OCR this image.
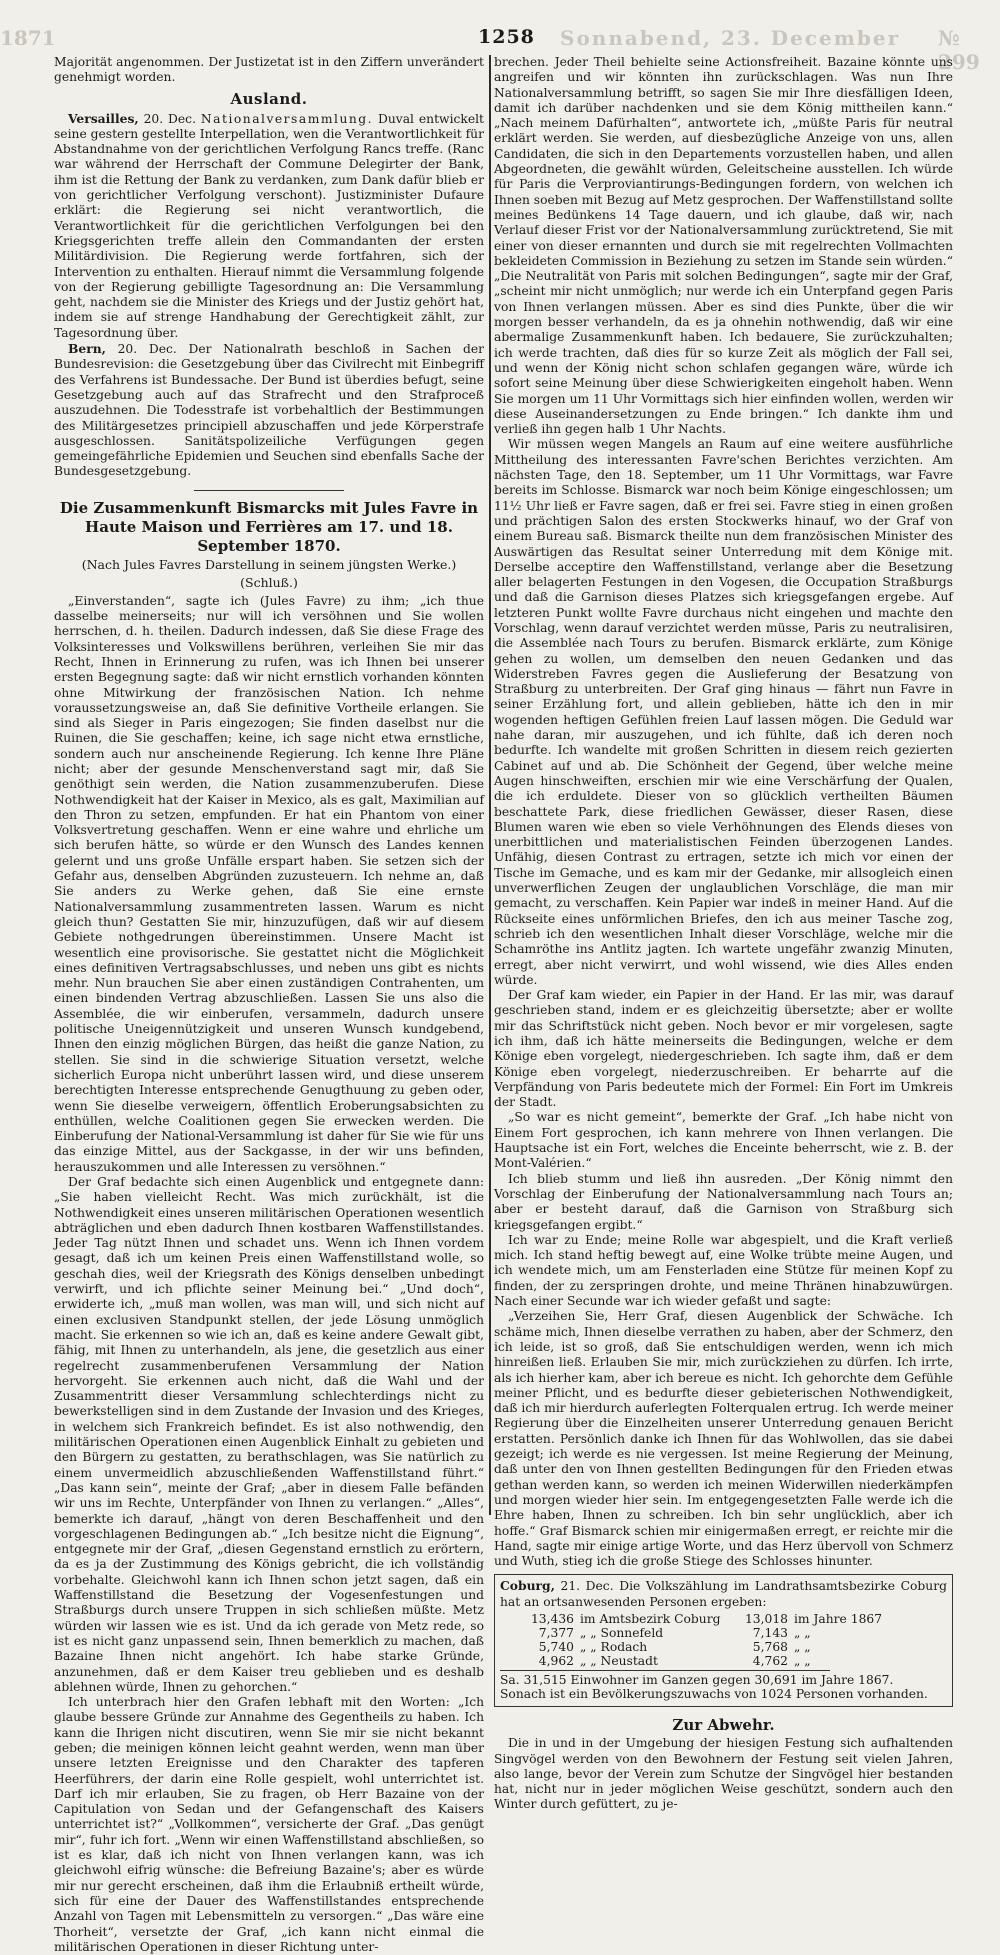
1871	1258 Sonnabend, 23. December № 299

Majorität angenommen. Der Justizetat ist in den Ziffern unverändert genehmigt worden.

Ausland.

Versailles, 20. Dec. Nationalversammlung. Duval entwickelt seine gestern gestellte Interpellation, wen die Verantwortlichkeit für Abstandnahme von der gerichtlichen Verfolgung Rancs treffe. (Ranc war während der Herrschaft der Commune Delegirter der Bank, ihm ist die Rettung der Bank zu verdanken, zum Dank dafür blieb er von gerichtlicher Verfolgung verschont). Justizminister Dufaure erklärt: die Regierung sei nicht verantwortlich, die Verantwortlichkeit für die gerichtlichen Verfolgungen bei den Kriegsgerichten treffe allein den Commandanten der ersten Militärdivision. Die Regierung werde fortfahren, sich der Intervention zu enthalten. Hierauf nimmt die Versammlung folgende von der Regierung gebilligte Tagesordnung an: Die Versammlung geht, nachdem sie die Minister des Kriegs und der Justiz gehört hat, indem sie auf strenge Handhabung der Gerechtigkeit zählt, zur Tagesordnung über.

Bern, 20. Dec. Der Nationalrath beschloß in Sachen der Bundesrevision: die Gesetzgebung über das Civilrecht mit Einbegriff des Verfahrens ist Bundessache. Der Bund ist überdies befugt, seine Gesetzgebung auch auf das Strafrecht und den Strafproceß auszudehnen. Die Todesstrafe ist vorbehaltlich der Bestimmungen des Militärgesetzes principiell abzuschaffen und jede Körperstrafe ausgeschlossen. Sanitätspolizeiliche Verfügungen gegen gemeingefährliche Epidemien und Seuchen sind ebenfalls Sache der Bundesgesetzgebung.

Die Zusammenkunft Bismarcks mit Jules Favre in Haute Maison und Ferrières am 17. und 18. September 1870.
(Nach Jules Favres Darstellung in seinem jüngsten Werke.)
(Schluß.)

„Einverstanden“, sagte ich (Jules Favre) zu ihm; „ich thue dasselbe meinerseits; nur will ich versöhnen und Sie wollen herrschen, d. h. theilen. Dadurch indessen, daß Sie diese Frage des Volksinteresses und Volkswillens berühren, verleihen Sie mir das Recht, Ihnen in Erinnerung zu rufen, was ich Ihnen bei unserer ersten Begegnung sagte: daß wir nicht ernstlich vorhanden könnten ohne Mitwirkung der französischen Nation. Ich nehme voraussetzungsweise an, daß Sie definitive Vortheile erlangen. Sie sind als Sieger in Paris eingezogen; Sie finden daselbst nur die Ruinen, die Sie geschaffen; keine, ich sage nicht etwa ernstliche, sondern auch nur anscheinende Regierung. Ich kenne Ihre Pläne nicht; aber der gesunde Menschenverstand sagt mir, daß Sie genöthigt sein werden, die Nation zusammenzuberufen. Diese Nothwendigkeit hat der Kaiser in Mexico, als es galt, Maximilian auf den Thron zu setzen, empfunden. Er hat ein Phantom von einer Volksvertretung geschaffen. Wenn er eine wahre und ehrliche um sich berufen hätte, so würde er den Wunsch des Landes kennen gelernt und uns große Unfälle erspart haben. Sie setzen sich der Gefahr aus, denselben Abgründen zuzusteuern. Ich nehme an, daß Sie anders zu Werke gehen, daß Sie eine ernste Nationalversammlung zusammentreten lassen. Warum es nicht gleich thun? Gestatten Sie mir, hinzuzufügen, daß wir auf diesem Gebiete nothgedrungen übereinstimmen. Unsere Macht ist wesentlich eine provisorische. Sie gestattet nicht die Möglichkeit eines definitiven Vertragsabschlusses, und neben uns gibt es nichts mehr. Nun brauchen Sie aber einen zuständigen Contrahenten, um einen bindenden Vertrag abzuschließen. Lassen Sie uns also die Assemblée, die wir einberufen, versammeln, dadurch unsere politische Uneigennützigkeit und unseren Wunsch kundgebend, Ihnen den einzig möglichen Bürgen, das heißt die ganze Nation, zu stellen. Sie sind in die schwierige Situation versetzt, welche sicherlich Europa nicht unberührt lassen wird, und diese unserem berechtigten Interesse entsprechende Genugthuung zu geben oder, wenn Sie dieselbe verweigern, öffentlich Eroberungsabsichten zu enthüllen, welche Coalitionen gegen Sie erwecken werden. Die Einberufung der National-Versammlung ist daher für Sie wie für uns das einzige Mittel, aus der Sackgasse, in der wir uns befinden, herauszukommen und alle Interessen zu versöhnen.“

Der Graf bedachte sich einen Augenblick und entgegnete dann: „Sie haben vielleicht Recht. Was mich zurückhält, ist die Nothwendigkeit eines unseren militärischen Operationen wesentlich abträglichen und eben dadurch Ihnen kostbaren Waffenstillstandes. Jeder Tag nützt Ihnen und schadet uns. Wenn ich Ihnen vordem gesagt, daß ich um keinen Preis einen Waffenstillstand wolle, so geschah dies, weil der Kriegsrath des Königs denselben unbedingt verwirft, und ich pflichte seiner Meinung bei.“ „Und doch“, erwiderte ich, „muß man wollen, was man will, und sich nicht auf einen exclusiven Standpunkt stellen, der jede Lösung unmöglich macht. Sie erkennen so wie ich an, daß es keine andere Gewalt gibt, fähig, mit Ihnen zu unterhandeln, als jene, die gesetzlich aus einer regelrecht zusammenberufenen Versammlung der Nation hervorgeht. Sie erkennen auch nicht, daß die Wahl und der Zusammentritt dieser Versammlung schlechterdings nicht zu bewerkstelligen sind in dem Zustande der Invasion und des Krieges, in welchem sich Frankreich befindet. Es ist also nothwendig, den militärischen Operationen einen Augenblick Einhalt zu gebieten und den Bürgern zu gestatten, zu berathschlagen, was Sie natürlich zu einem unvermeidlich abzuschließenden Waffenstillstand führt.“ „Das kann sein“, meinte der Graf; „aber in diesem Falle befänden wir uns im Rechte, Unterpfänder von Ihnen zu verlangen.“ „Alles“, bemerkte ich darauf, „hängt von deren Beschaffenheit und den vorgeschlagenen Bedingungen ab.“ „Ich besitze nicht die Eignung“, entgegnete mir der Graf, „diesen Gegenstand ernstlich zu erörtern, da es ja der Zustimmung des Königs gebricht, die ich vollständig vorbehalte. Gleichwohl kann ich Ihnen schon jetzt sagen, daß ein Waffenstillstand die Besetzung der Vogesenfestungen und Straßburgs durch unsere Truppen in sich schließen müßte. Metz würden wir lassen wie es ist. Und da ich gerade von Metz rede, so ist es nicht ganz unpassend sein, Ihnen bemerklich zu machen, daß Bazaine Ihnen nicht angehört. Ich habe starke Gründe, anzunehmen, daß er dem Kaiser treu geblieben und es deshalb ablehnen würde, Ihnen zu gehorchen.“

Ich unterbrach hier den Grafen lebhaft mit den Worten: „Ich glaube bessere Gründe zur Annahme des Gegentheils zu haben. Ich kann die Ihrigen nicht discutiren, wenn Sie mir sie nicht bekannt geben; die meinigen können leicht geahnt werden, wenn man über unsere letzten Ereignisse und den Charakter des tapferen Heerführers, der darin eine Rolle gespielt, wohl unterrichtet ist. Darf ich mir erlauben, Sie zu fragen, ob Herr Bazaine von der Capitulation von Sedan und der Gefangenschaft des Kaisers unterrichtet ist?“ „Vollkommen“, versicherte der Graf. „Das genügt mir“, fuhr ich fort. „Wenn wir einen Waffenstillstand abschließen, so ist es klar, daß ich nicht von Ihnen verlangen kann, was ich gleichwohl eifrig wünsche: die Befreiung Bazaine's; aber es würde mir nur gerecht erscheinen, daß ihm die Erlaubniß ertheilt würde, sich für eine der Dauer des Waffenstillstandes entsprechende Anzahl von Tagen mit Lebensmitteln zu versorgen.“ „Das wäre eine Thorheit“, versetzte der Graf, „ich kann nicht einmal die militärischen Operationen in dieser Richtung unter-

brechen. Jeder Theil behielte seine Actionsfreiheit. Bazaine könnte uns angreifen und wir könnten ihn zurückschlagen. Was nun Ihre Nationalversammlung betrifft, so sagen Sie mir Ihre diesfälligen Ideen, damit ich darüber nachdenken und sie dem König mittheilen kann.“ „Nach meinem Dafürhalten“, antwortete ich, „müßte Paris für neutral erklärt werden. Sie werden, auf diesbezügliche Anzeige von uns, allen Candidaten, die sich in den Departements vorzustellen haben, und allen Abgeordneten, die gewählt würden, Geleitscheine ausstellen. Ich würde für Paris die Verproviantirungs-Bedingungen fordern, von welchen ich Ihnen soeben mit Bezug auf Metz gesprochen. Der Waffenstillstand sollte meines Bedünkens 14 Tage dauern, und ich glaube, daß wir, nach Verlauf dieser Frist vor der Nationalversammlung zurücktretend, Sie mit einer von dieser ernannten und durch sie mit regelrechten Vollmachten bekleideten Commission in Beziehung zu setzen im Stande sein würden.“ „Die Neutralität von Paris mit solchen Bedingungen“, sagte mir der Graf, „scheint mir nicht unmöglich; nur werde ich ein Unterpfand gegen Paris von Ihnen verlangen müssen. Aber es sind dies Punkte, über die wir morgen besser verhandeln, da es ja ohnehin nothwendig, daß wir eine abermalige Zusammenkunft haben. Ich bedauere, Sie zurückzuhalten; ich werde trachten, daß dies für so kurze Zeit als möglich der Fall sei, und wenn der König nicht schon schlafen gegangen wäre, würde ich sofort seine Meinung über diese Schwierigkeiten eingeholt haben. Wenn Sie morgen um 11 Uhr Vormittags sich hier einfinden wollen, werden wir diese Auseinandersetzungen zu Ende bringen.“ Ich dankte ihm und verließ ihn gegen halb 1 Uhr Nachts.

Wir müssen wegen Mangels an Raum auf eine weitere ausführliche Mittheilung des interessanten Favre'schen Berichtes verzichten. Am nächsten Tage, den 18. September, um 11 Uhr Vormittags, war Favre bereits im Schlosse. Bismarck war noch beim Könige eingeschlossen; um 11½ Uhr ließ er Favre sagen, daß er frei sei. Favre stieg in einen großen und prächtigen Salon des ersten Stockwerks hinauf, wo der Graf von einem Bureau saß. Bismarck theilte nun dem französischen Minister des Auswärtigen das Resultat seiner Unterredung mit dem Könige mit. Derselbe acceptire den Waffenstillstand, verlange aber die Besetzung aller belagerten Festungen in den Vogesen, die Occupation Straßburgs und daß die Garnison dieses Platzes sich kriegsgefangen ergebe. Auf letzteren Punkt wollte Favre durchaus nicht eingehen und machte den Vorschlag, wenn darauf verzichtet werden müsse, Paris zu neutralisiren, die Assemblée nach Tours zu berufen. Bismarck erklärte, zum Könige gehen zu wollen, um demselben den neuen Gedanken und das Widerstreben Favres gegen die Auslieferung der Besatzung von Straßburg zu unterbreiten. Der Graf ging hinaus — fährt nun Favre in seiner Erzählung fort, und allein geblieben, hätte ich den in mir wogenden heftigen Gefühlen freien Lauf lassen mögen. Die Geduld war nahe daran, mir auszugehen, und ich fühlte, daß ich deren noch bedurfte. Ich wandelte mit großen Schritten in diesem reich gezierten Cabinet auf und ab. Die Schönheit der Gegend, über welche meine Augen hinschweiften, erschien mir wie eine Verschärfung der Qualen, die ich erduldete. Dieser von so glücklich vertheilten Bäumen beschattete Park, diese friedlichen Gewässer, dieser Rasen, diese Blumen waren wie eben so viele Verhöhnungen des Elends dieses von unerbittlichen und materialistischen Feinden überzogenen Landes. Unfähig, diesen Contrast zu ertragen, setzte ich mich vor einen der Tische im Gemache, und es kam mir der Gedanke, mir allsogleich einen unverwerflichen Zeugen der unglaublichen Vorschläge, die man mir gemacht, zu verschaffen. Kein Papier war indeß in meiner Hand. Auf die Rückseite eines unförmlichen Briefes, den ich aus meiner Tasche zog, schrieb ich den wesentlichen Inhalt dieser Vorschläge, welche mir die Schamröthe ins Antlitz jagten. Ich wartete ungefähr zwanzig Minuten, erregt, aber nicht verwirrt, und wohl wissend, wie dies Alles enden würde.

Der Graf kam wieder, ein Papier in der Hand. Er las mir, was darauf geschrieben stand, indem er es gleichzeitig übersetzte; aber er wollte mir das Schriftstück nicht geben. Noch bevor er mir vorgelesen, sagte ich ihm, daß ich hätte meinerseits die Bedingungen, welche er dem Könige eben vorgelegt, niedergeschrieben. Ich sagte ihm, daß er dem Könige eben vorgelegt, niederzuschreiben. Er beharrte auf die Verpfändung von Paris bedeutete mich der Formel: Ein Fort im Umkreis der Stadt.

„So war es nicht gemeint“, bemerkte der Graf. „Ich habe nicht von Einem Fort gesprochen, ich kann mehrere von Ihnen verlangen. Die Hauptsache ist ein Fort, welches die Enceinte beherrscht, wie z. B. der Mont-Valérien.“

Ich blieb stumm und ließ ihn ausreden. „Der König nimmt den Vorschlag der Einberufung der Nationalversammlung nach Tours an; aber er besteht darauf, daß die Garnison von Straßburg sich kriegsgefangen ergibt.“

Ich war zu Ende; meine Rolle war abgespielt, und die Kraft verließ mich. Ich stand heftig bewegt auf, eine Wolke trübte meine Augen, und ich wendete mich, um am Fensterladen eine Stütze für meinen Kopf zu finden, der zu zerspringen drohte, und meine Thränen hinabzuwürgen. Nach einer Secunde war ich wieder gefaßt und sagte:

„Verzeihen Sie, Herr Graf, diesen Augenblick der Schwäche. Ich schäme mich, Ihnen dieselbe verrathen zu haben, aber der Schmerz, den ich leide, ist so groß, daß Sie entschuldigen werden, wenn ich mich hinreißen ließ. Erlauben Sie mir, mich zurückziehen zu dürfen. Ich irrte, als ich hierher kam, aber ich bereue es nicht. Ich gehorchte dem Gefühle meiner Pflicht, und es bedurfte dieser gebieterischen Nothwendigkeit, daß ich mir hierdurch auferlegten Folterqualen ertrug. Ich werde meiner Regierung über die Einzelheiten unserer Unterredung genauen Bericht erstatten. Persönlich danke ich Ihnen für das Wohlwollen, das sie dabei gezeigt; ich werde es nie vergessen. Ist meine Regierung der Meinung, daß unter den von Ihnen gestellten Bedingungen für den Frieden etwas gethan werden kann, so werden ich meinen Widerwillen niederkämpfen und morgen wieder hier sein. Im entgegengesetzten Falle werde ich die Ehre haben, Ihnen zu schreiben. Ich bin sehr unglücklich, aber ich hoffe.“ Graf Bismarck schien mir einigermaßen erregt, er reichte mir die Hand, sagte mir einige artige Worte, und das Herz übervoll von Schmerz und Wuth, stieg ich die große Stiege des Schlosses hinunter.

Coburg, 21. Dec. Die Volkszählung im Landrathsamtsbezirke Coburg hat an ortsanwesenden Personen ergeben:

13,436 im Amtsbezirk Coburg	13,018 im Jahre 1867
7,377 „ „ Sonnefeld	7,143 „ „
5,740 „ „ Rodach	5,768 „ „
4,962 „ „ Neustadt	4,762 „ „
Sa. 31,515 Einwohner im Ganzen gegen
30,691
im Jahre 1867.

Sonach ist ein Bevölkerungszuwachs von 1024 Personen vorhanden.

Zur Abwehr.

Die in und in der Umgebung der hiesigen Festung sich aufhaltenden Singvögel werden von den Bewohnern der Festung seit vielen Jahren, also lange, bevor der Verein zum Schutze der Singvögel hier bestanden hat, nicht nur in jeder möglichen Weise geschützt, sondern auch den Winter durch gefüttert, zu je-
